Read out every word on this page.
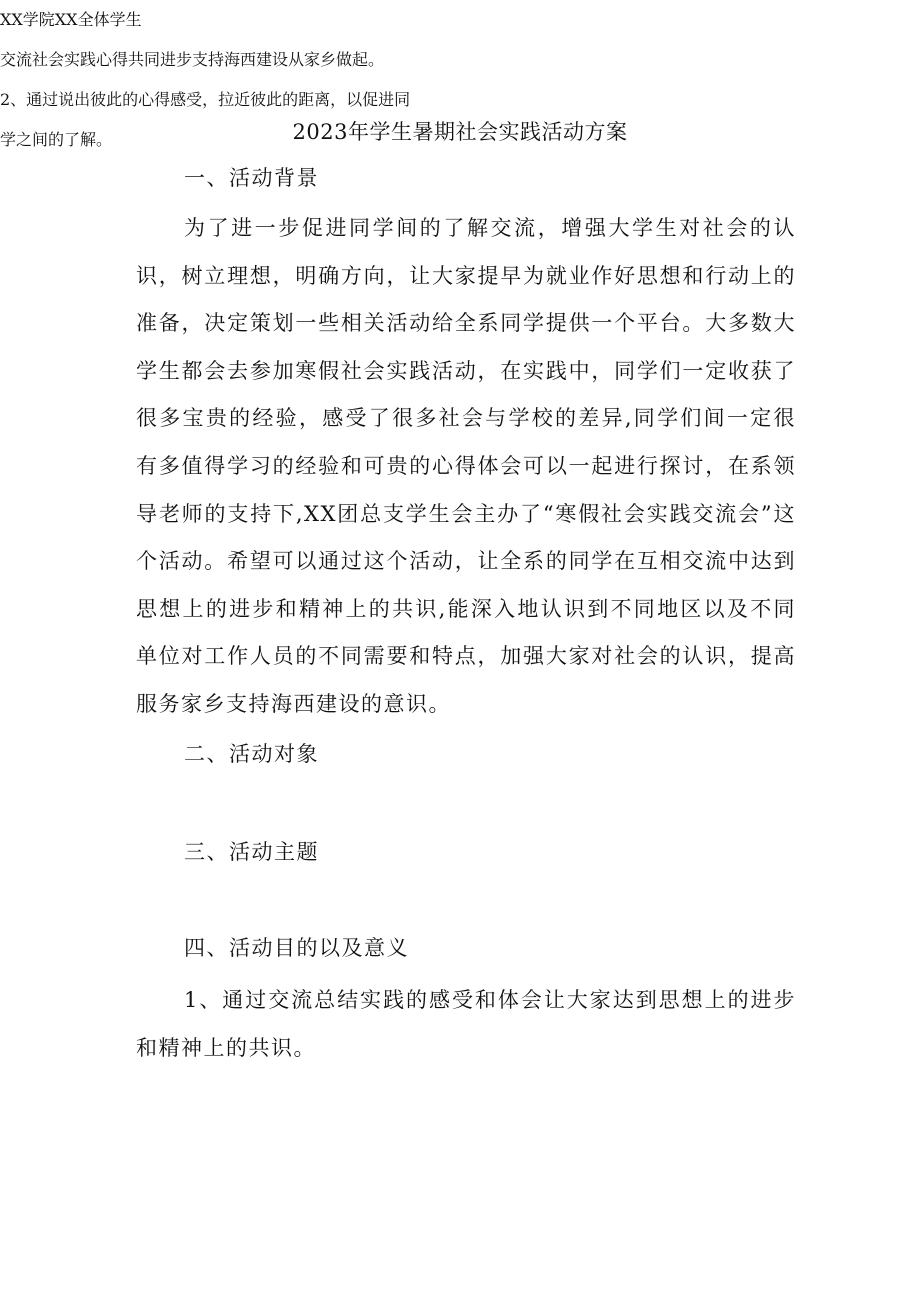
2023年学生暑期社会实践活动方案
一、活动背景
为了进一步促进同学间的了解交流，增强大学生对社会的认识，树立理想，明确方向，让大家提早为就业作好思想和行动上的准备，决定策划一些相关活动给全系同学提供一个平台。大多数大学生都会去参加寒假社会实践活动，在实践中，同学们一定收获了很多宝贵的经验，感受了很多社会与学校的差异,同学们间一定很有多值得学习的经验和可贵的心得体会可以一起进行探讨，在系领导老师的支持下,XX团总支学生会主办了“寒假社会实践交流会”这个活动。希望可以通过这个活动，让全系的同学在互相交流中达到思想上的进步和精神上的共识,能深入地认识到不同地区以及不同单位对工作人员的不同需要和特点，加强大家对社会的认识，提高服务家乡支持海西建设的意识。
二、活动对象
XX学院XX全体学生
三、活动主题
交流社会实践心得共同进步支持海西建设从家乡做起。
四、活动目的以及意义
1、通过交流总结实践的感受和体会让大家达到思想上的进步和精神上的共识。
2、通过说出彼此的心得感受，拉近彼此的距离，以促进同
学之间的了解。
